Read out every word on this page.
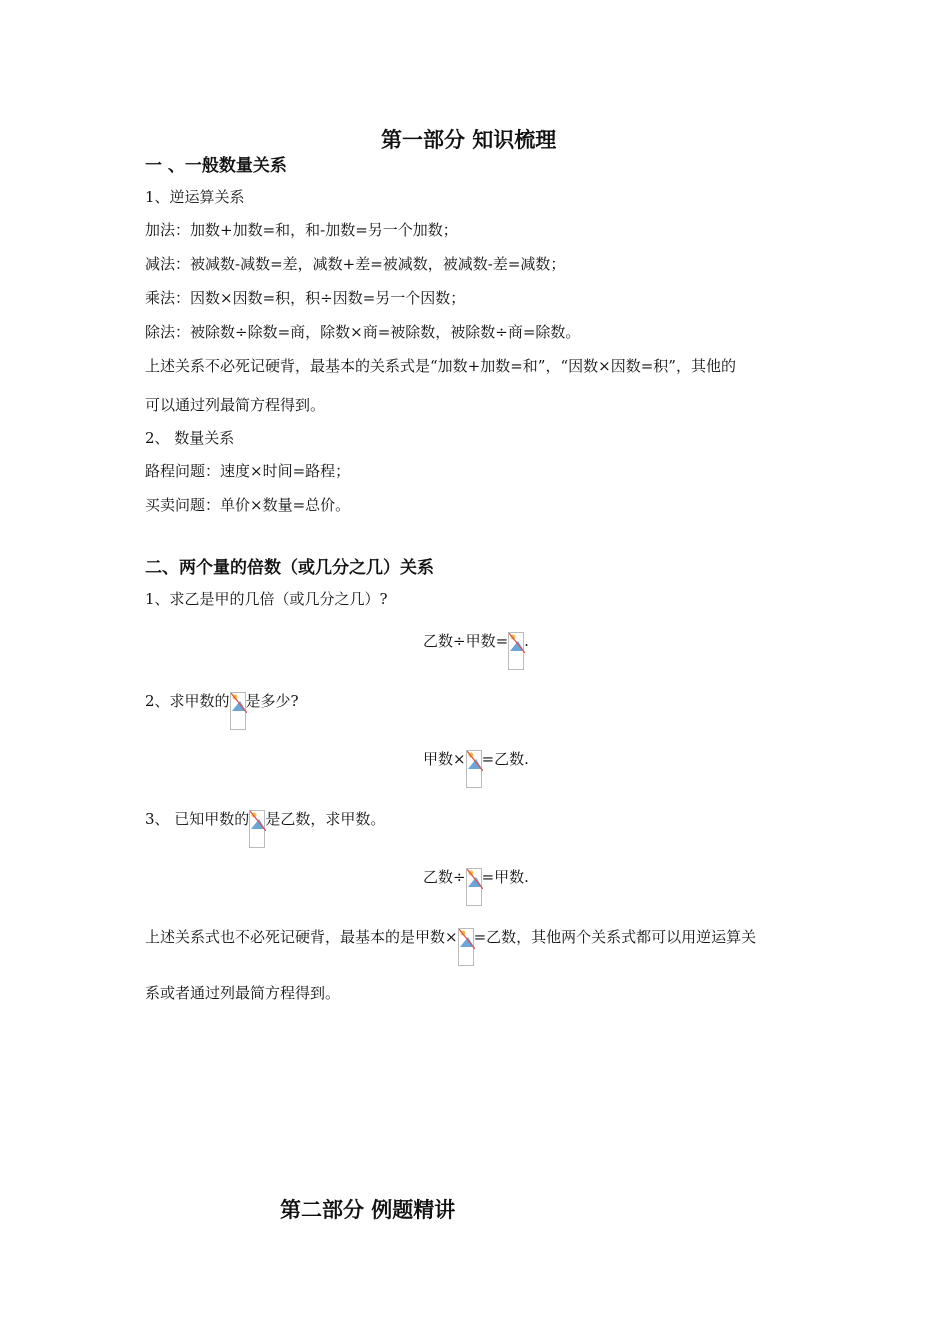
第一部分 知识梳理
一 、一般数量关系
1、逆运算关系
加法：加数+加数=和，和-加数=另一个加数；
减法：被减数-减数=差，减数+差=被减数，被减数-差=减数；
乘法：因数×因数=积，积÷因数=另一个因数；
除法：被除数÷除数=商，除数×商=被除数，被除数÷商=除数。
上述关系不必死记硬背，最基本的关系式是“加数+加数=和”，“因数×因数=积”，其他的
可以通过列最简方程得到。
2、 数量关系
路程问题：速度×时间=路程；
买卖问题：单价×数量=总价。
二、两个量的倍数（或几分之几）关系
1、求乙是甲的几倍（或几分之几）?
乙数÷甲数= .
2、求甲数的 是多少?
甲数× =乙数.
3、 已知甲数的 是乙数，求甲数。
乙数÷ =甲数.
上述关系式也不必死记硬背，最基本的是甲数× =乙数，其他两个关系式都可以用逆运算关
系或者通过列最简方程得到。
第二部分 例题精讲
